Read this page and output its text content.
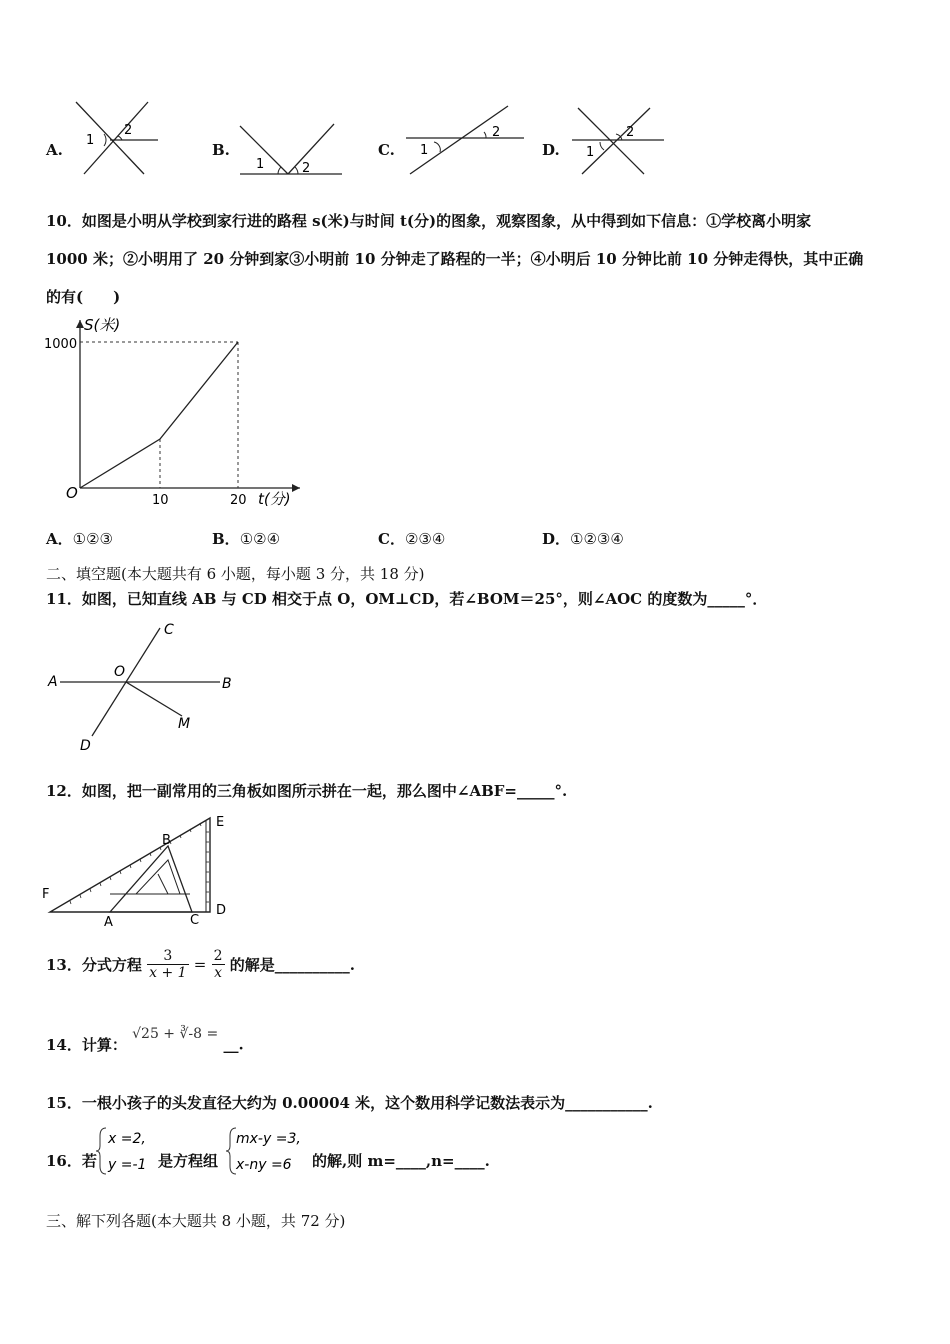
A.
1
2
B.
1	2
C. 1
2
D. 1
2
10．如图是小明从学校到家行进的路程 s(米)与时间 t(分)的图象，观察图象，从中得到如下信息：①学校离小明家
1000 米；②小明用了 20 分钟到家③小明前 10 分钟走了路程的一半；④小明后 10 分钟比前 10 分钟走得快，其中正确
的有(　　)
S(米)
1000
O	10	20 t(分)
A．①②③	B．①②④	C．②③④	D．①②③④
二、填空题(本大题共有 6 小题，每小题 3 分，共 18 分)
11．如图，已知直线 AB 与 CD 相交于点 O，OM⊥CD，若∠BOM＝25°，则∠AOC 的度数为_____°．
A	B
C
D
O
M
12．如图，把一副常用的三角板如图所示拼在一起，那么图中∠ABF=_____°.
E
B
F
A	C
D
13．分式方程 $\frac{3}{x + 1} = \frac{2}{x}$ 的解是__________.
14．计算： √25 + ∛-8 = __.
15．一根小孩子的头发直径大约为 0.00004 米，这个数用科学记数法表示为___________.
16．若
x =2,
y =-1 是方程组
mx-y =3,
x-ny =6 的解,则 m=____,n=____.
三、解下列各题(本大题共 8 小题，共 72 分)
